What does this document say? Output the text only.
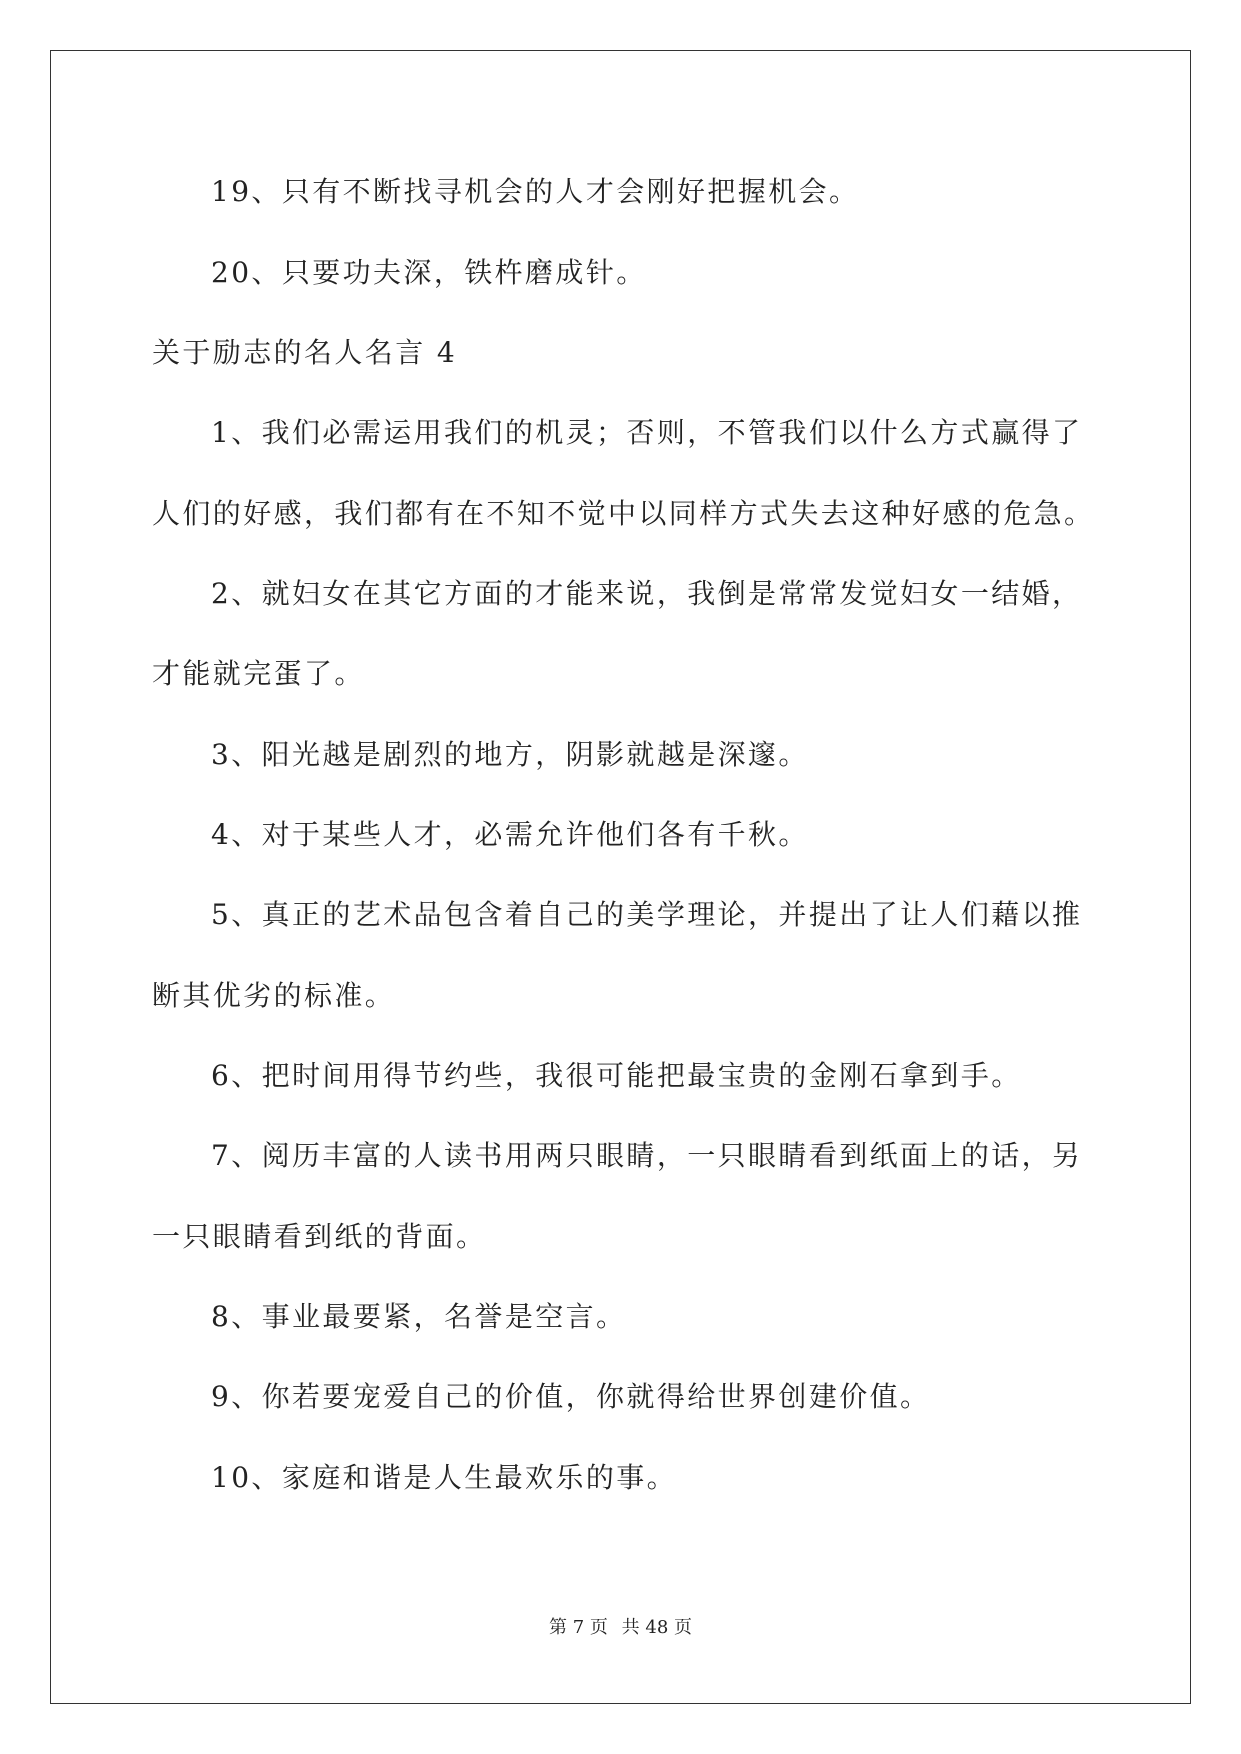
19、只有不断找寻机会的人才会刚好把握机会。

20、只要功夫深，铁杵磨成针。

关于励志的名人名言 4

1、我们必需运用我们的机灵；否则，不管我们以什么方式赢得了

人们的好感，我们都有在不知不觉中以同样方式失去这种好感的危急。

2、就妇女在其它方面的才能来说，我倒是常常发觉妇女一结婚，

才能就完蛋了。

3、阳光越是剧烈的地方，阴影就越是深邃。

4、对于某些人才，必需允许他们各有千秋。

5、真正的艺术品包含着自己的美学理论，并提出了让人们藉以推

断其优劣的标准。

6、把时间用得节约些，我很可能把最宝贵的金刚石拿到手。

7、阅历丰富的人读书用两只眼睛，一只眼睛看到纸面上的话，另

一只眼睛看到纸的背面。

8、事业最要紧，名誉是空言。

9、你若要宠爱自己的价值，你就得给世界创建价值。

10、家庭和谐是人生最欢乐的事。

第 7 页 共 48 页
